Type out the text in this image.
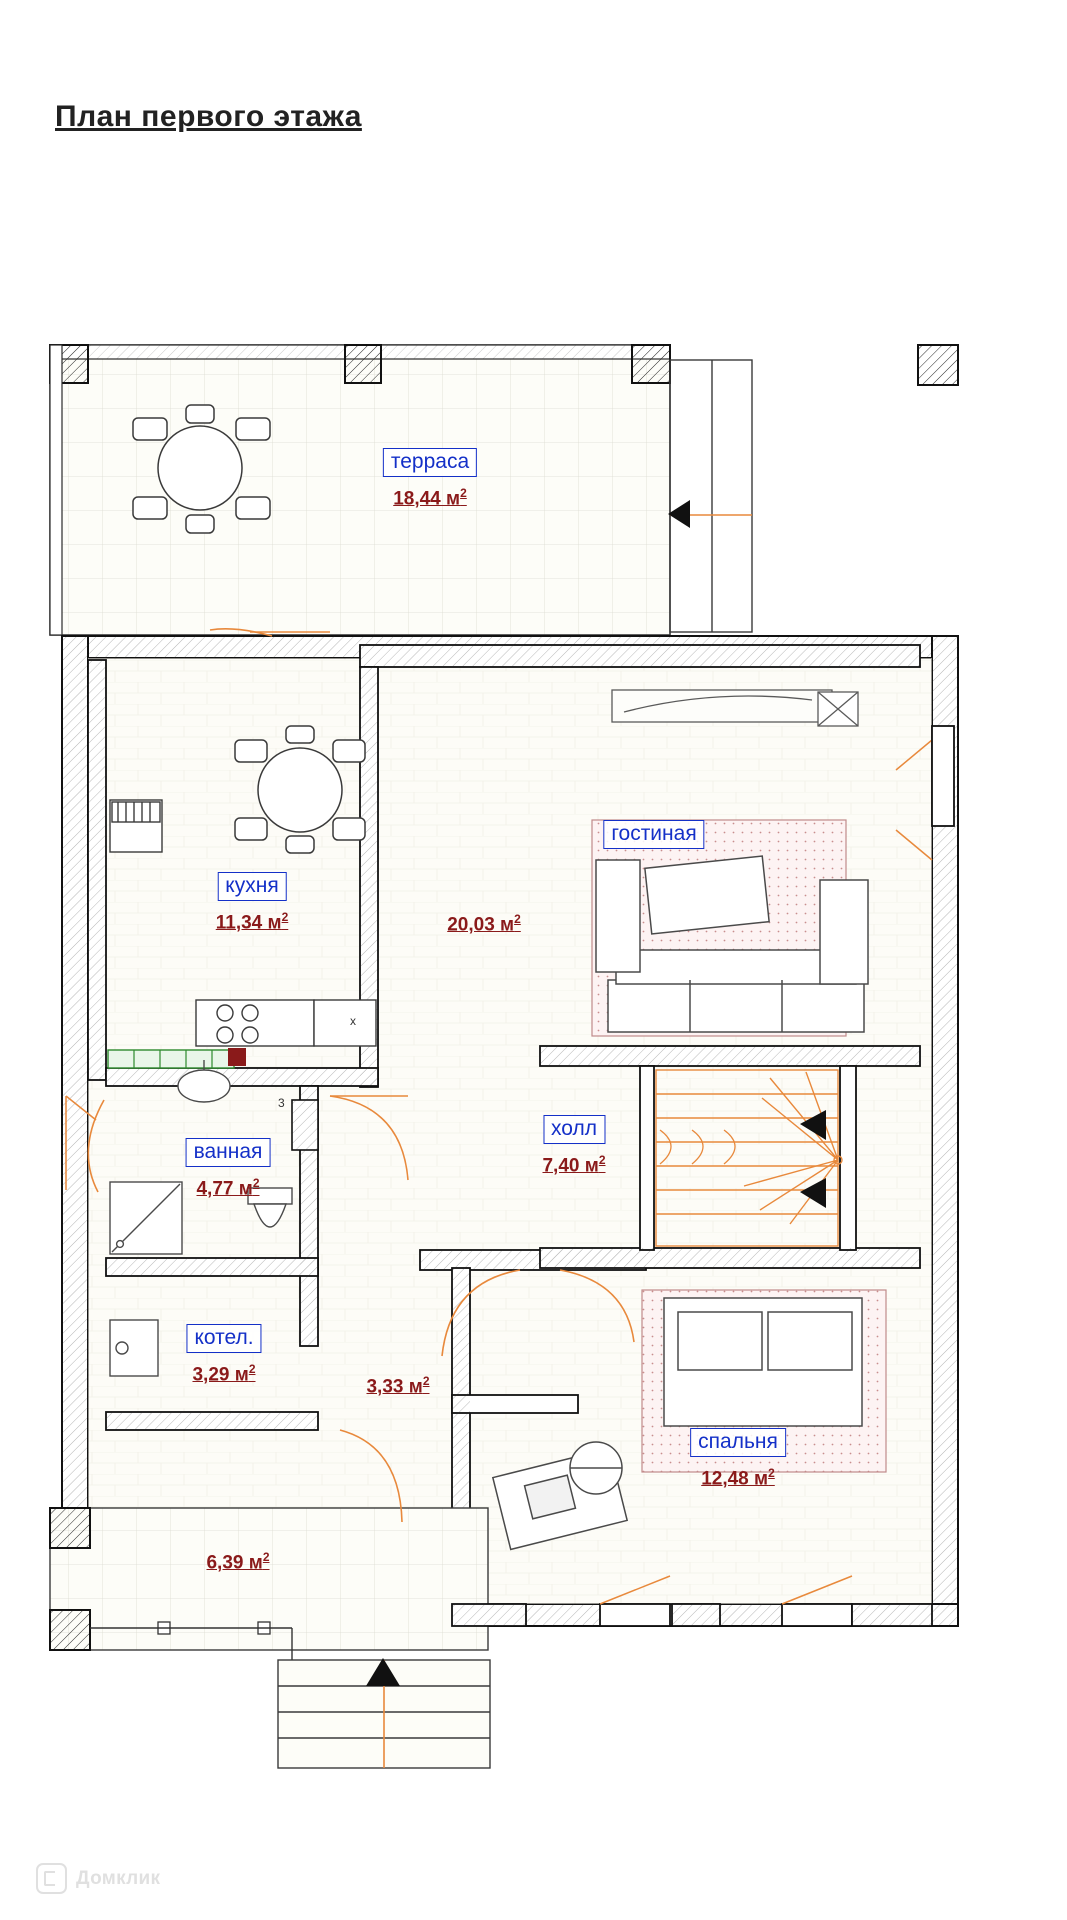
План первого этажа
терраса
18,44 $м^2$
кухня
11,34 $м^2$
гостиная
20,03 $м^2$
ванная
4,77 $м^2$
холл
7,40 $м^2$
котел.
3,29 $м^2$
спальня
12,48 $м^2$
3,33 $м^2$
6,39 $м^2$
x
3
Домклик
